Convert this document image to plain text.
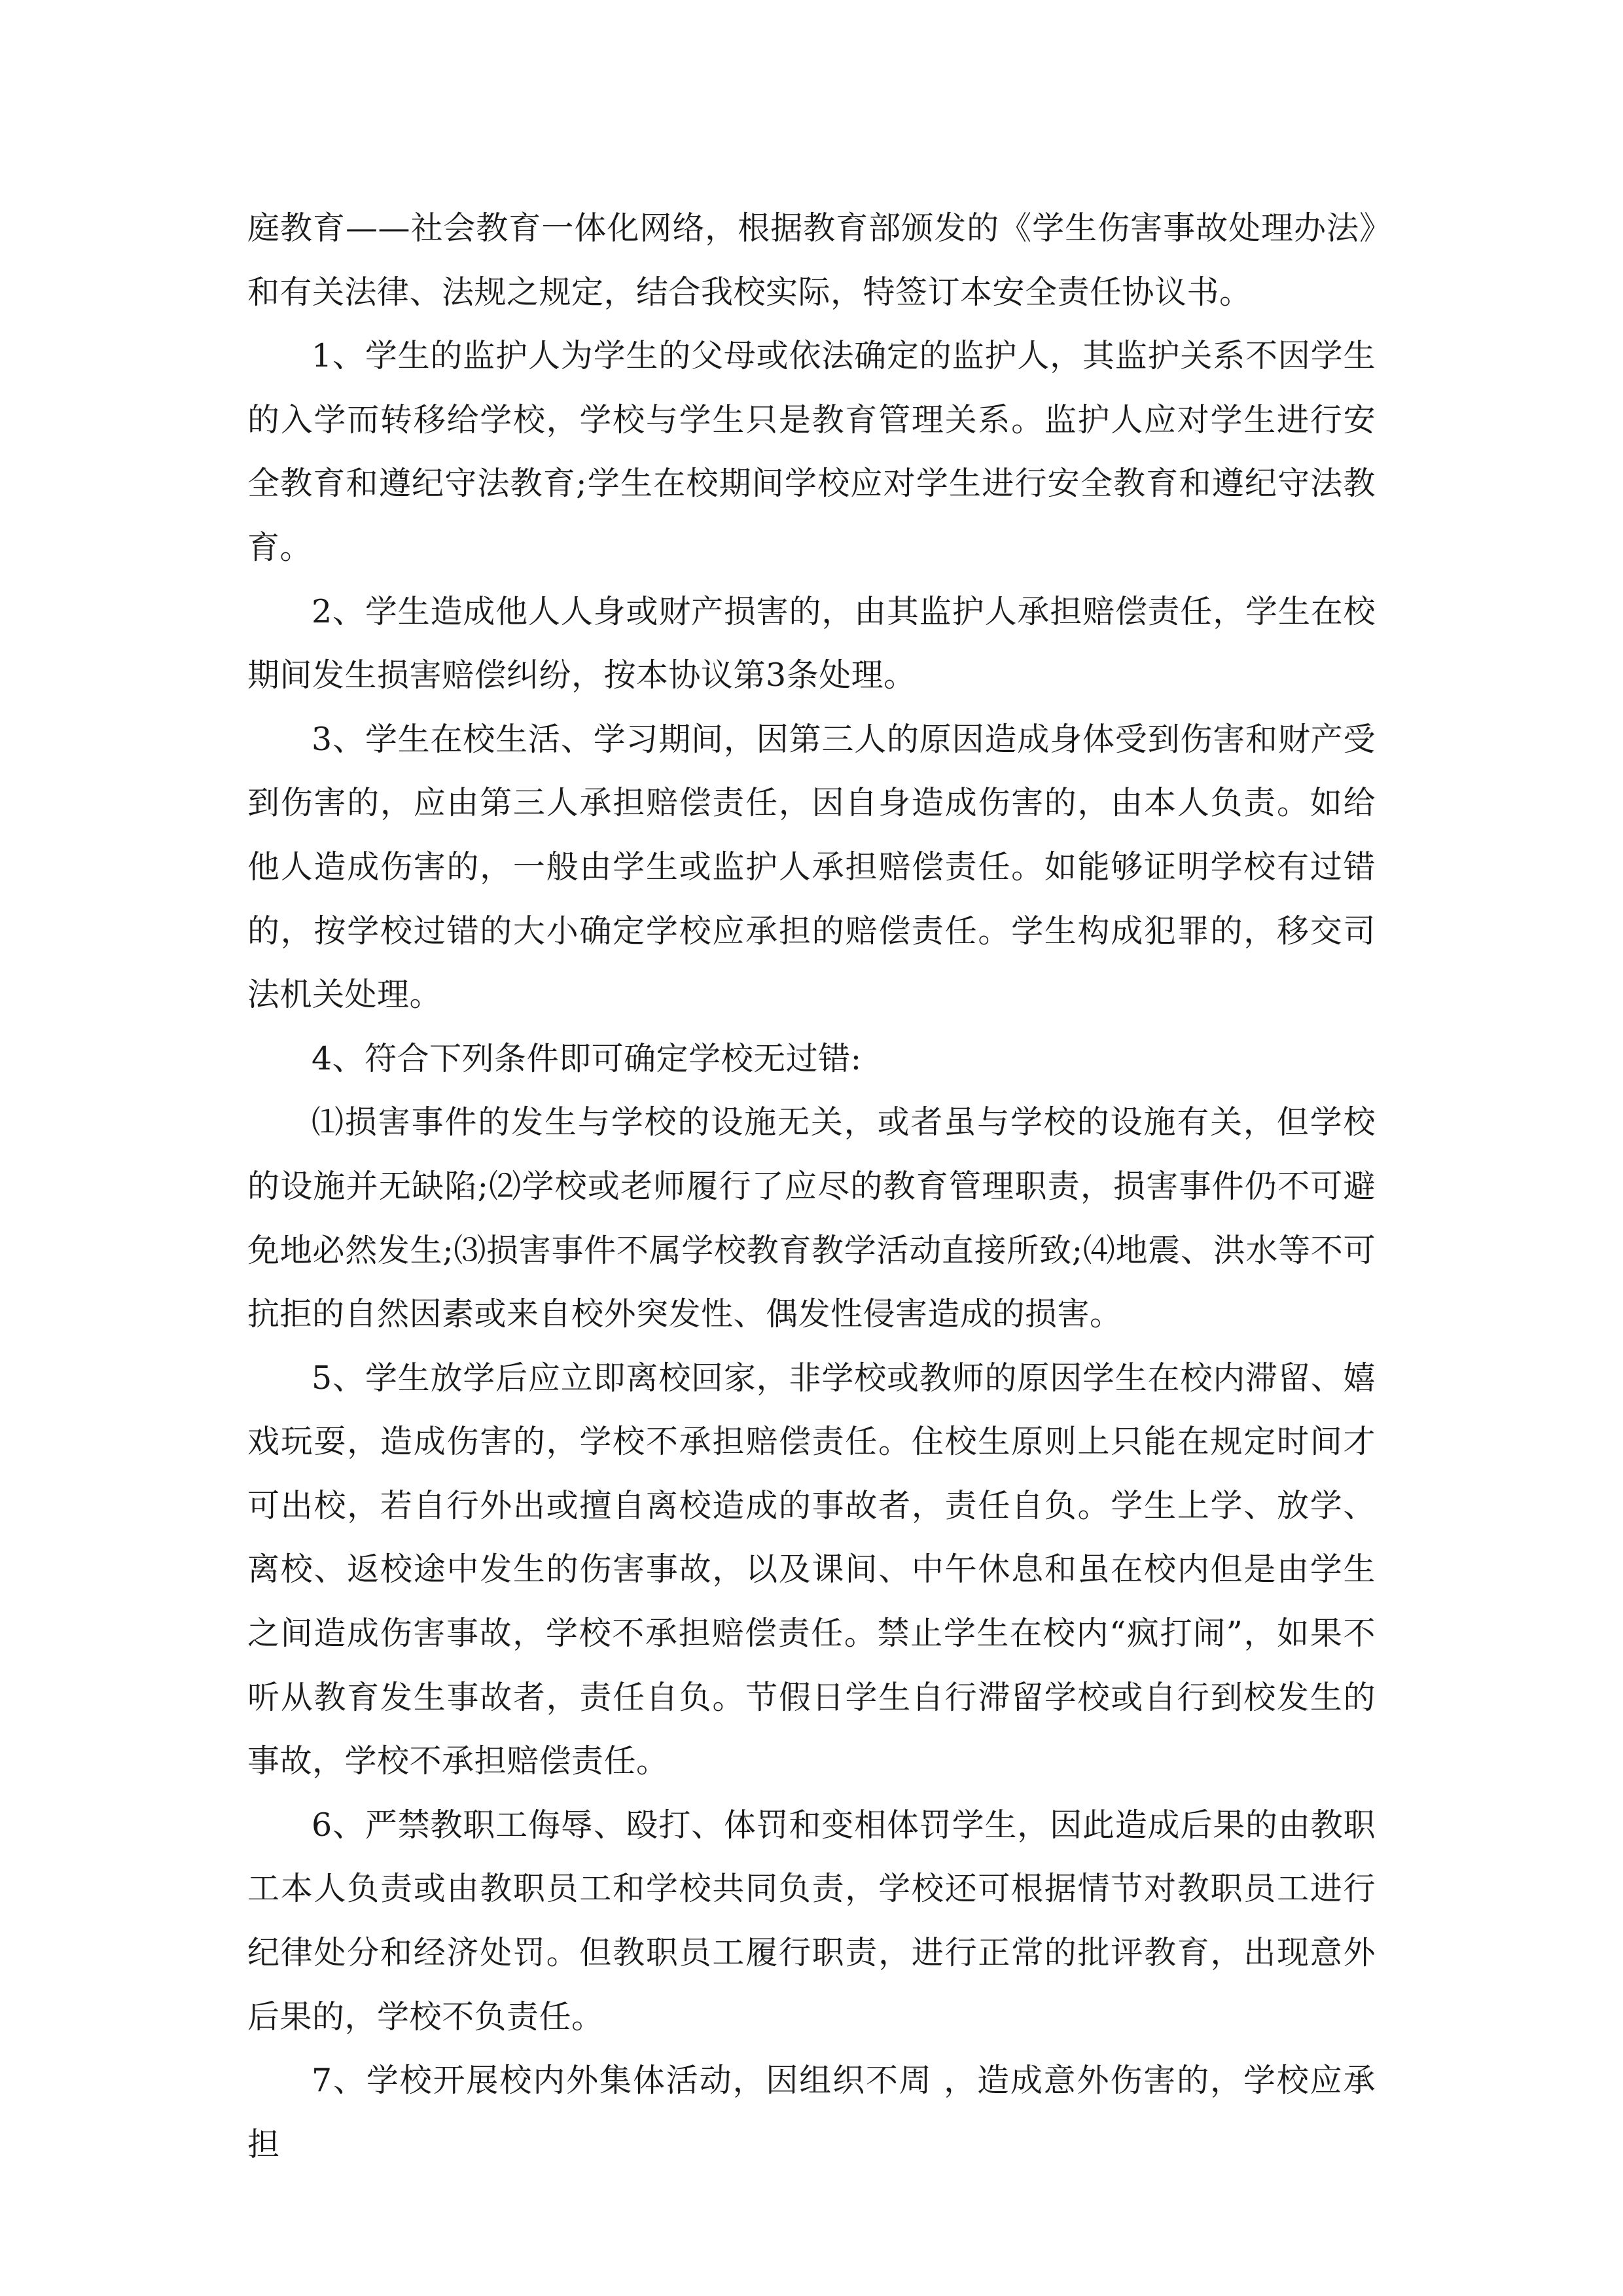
庭教育——社会教育一体化网络，根据教育部颁发的《学生伤害事故处理办法》和有关法律、法规之规定，结合我校实际，特签订本安全责任协议书。

1、学生的监护人为学生的父母或依法确定的监护人，其监护关系不因学生的入学而转移给学校，学校与学生只是教育管理关系。监护人应对学生进行安全教育和遵纪守法教育;学生在校期间学校应对学生进行安全教育和遵纪守法教育。

2、学生造成他人人身或财产损害的，由其监护人承担赔偿责任，学生在校期间发生损害赔偿纠纷，按本协议第3条处理。

3、学生在校生活、学习期间，因第三人的原因造成身体受到伤害和财产受到伤害的，应由第三人承担赔偿责任，因自身造成伤害的，由本人负责。如给他人造成伤害的，一般由学生或监护人承担赔偿责任。如能够证明学校有过错的，按学校过错的大小确定学校应承担的赔偿责任。学生构成犯罪的，移交司法机关处理。

4、符合下列条件即可确定学校无过错:

⑴损害事件的发生与学校的设施无关，或者虽与学校的设施有关，但学校的设施并无缺陷;⑵学校或老师履行了应尽的教育管理职责，损害事件仍不可避免地必然发生;⑶损害事件不属学校教育教学活动直接所致;⑷地震、洪水等不可抗拒的自然因素或来自校外突发性、偶发性侵害造成的损害。

5、学生放学后应立即离校回家，非学校或教师的原因学生在校内滞留、嬉戏玩耍，造成伤害的，学校不承担赔偿责任。住校生原则上只能在规定时间才可出校，若自行外出或擅自离校造成的事故者，责任自负。学生上学、放学、离校、返校途中发生的伤害事故，以及课间、中午休息和虽在校内但是由学生之间造成伤害事故，学校不承担赔偿责任。禁止学生在校内“疯打闹”，如果不听从教育发生事故者，责任自负。节假日学生自行滞留学校或自行到校发生的事故，学校不承担赔偿责任。

6、严禁教职工侮辱、殴打、体罚和变相体罚学生，因此造成后果的由教职工本人负责或由教职员工和学校共同负责，学校还可根据情节对教职员工进行纪律处分和经济处罚。但教职员工履行职责，进行正常的批评教育，出现意外后果的，学校不负责任。

7、学校开展校内外集体活动，因组织不周 ，造成意外伤害的，学校应承担
